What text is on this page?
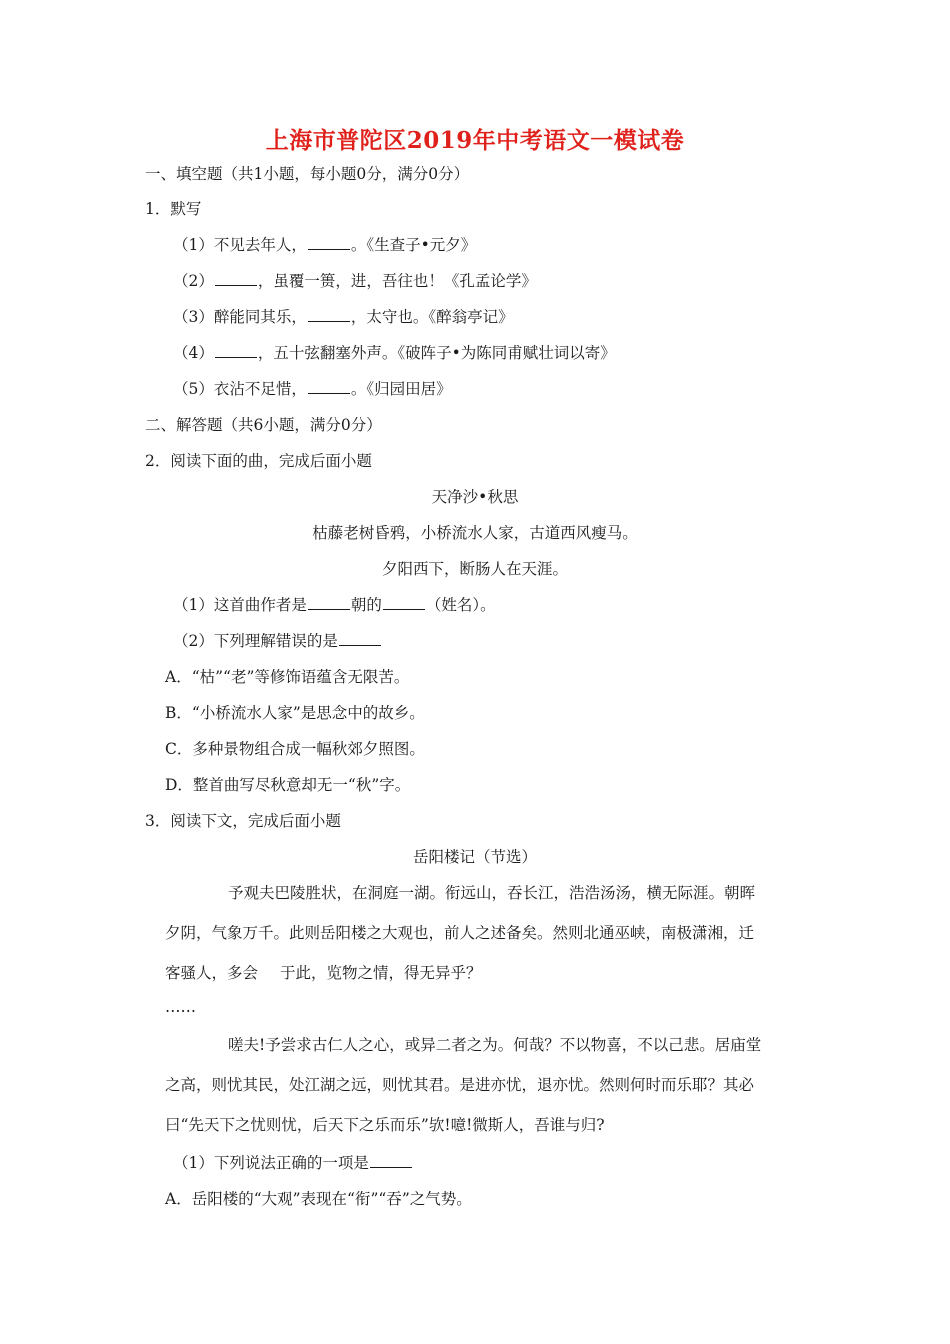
上海市普陀区2019年中考语文一模试卷
一、填空题（共1小题，每小题0分，满分0分）
1．默写
（1）不见去年人，	。《生查子•元夕》
（2）	，虽覆一篑，进，吾往也！《孔孟论学》
（3）醉能同其乐，	，太守也。《醉翁亭记》
（4）	，五十弦翻塞外声。《破阵子•为陈同甫赋壮词以寄》
（5）衣沾不足惜，	。《归园田居》
二、解答题（共6小题，满分0分）
2．阅读下面的曲，完成后面小题
天净沙•秋思
枯藤老树昏鸦，小桥流水人家，古道西风瘦马。
夕阳西下，断肠人在天涯。
（1）这首曲作者是	朝的	（姓名）。
（2）下列理解错误的是
A．“枯”“老”等修饰语蕴含无限苦。
B．“小桥流水人家”是思念中的故乡。
C．多种景物组合成一幅秋郊夕照图。
D．整首曲写尽秋意却无一“秋”字。
3．阅读下文，完成后面小题
岳阳楼记（节选）
予观夫巴陵胜状，在洞庭一湖。衔远山，吞长江，浩浩汤汤，横无际涯。朝晖
夕阴，气象万千。此则岳阳楼之大观也，前人之述备矣。然则北通巫峡，南极潇湘，迁
客骚人，多会 于此，览物之情，得无异乎？
……
嗟夫!予尝求古仁人之心，或异二者之为。何哉？不以物喜，不以己悲。居庙堂
之高，则忧其民，处江湖之远，则忧其君。是进亦忧，退亦忧。然则何时而乐耶？其必
曰“先天下之忧则忧，后天下之乐而乐”欤!噫!微斯人，吾谁与归?
（1）下列说法正确的一项是
A．岳阳楼的“大观”表现在“衔”“吞”之气势。
